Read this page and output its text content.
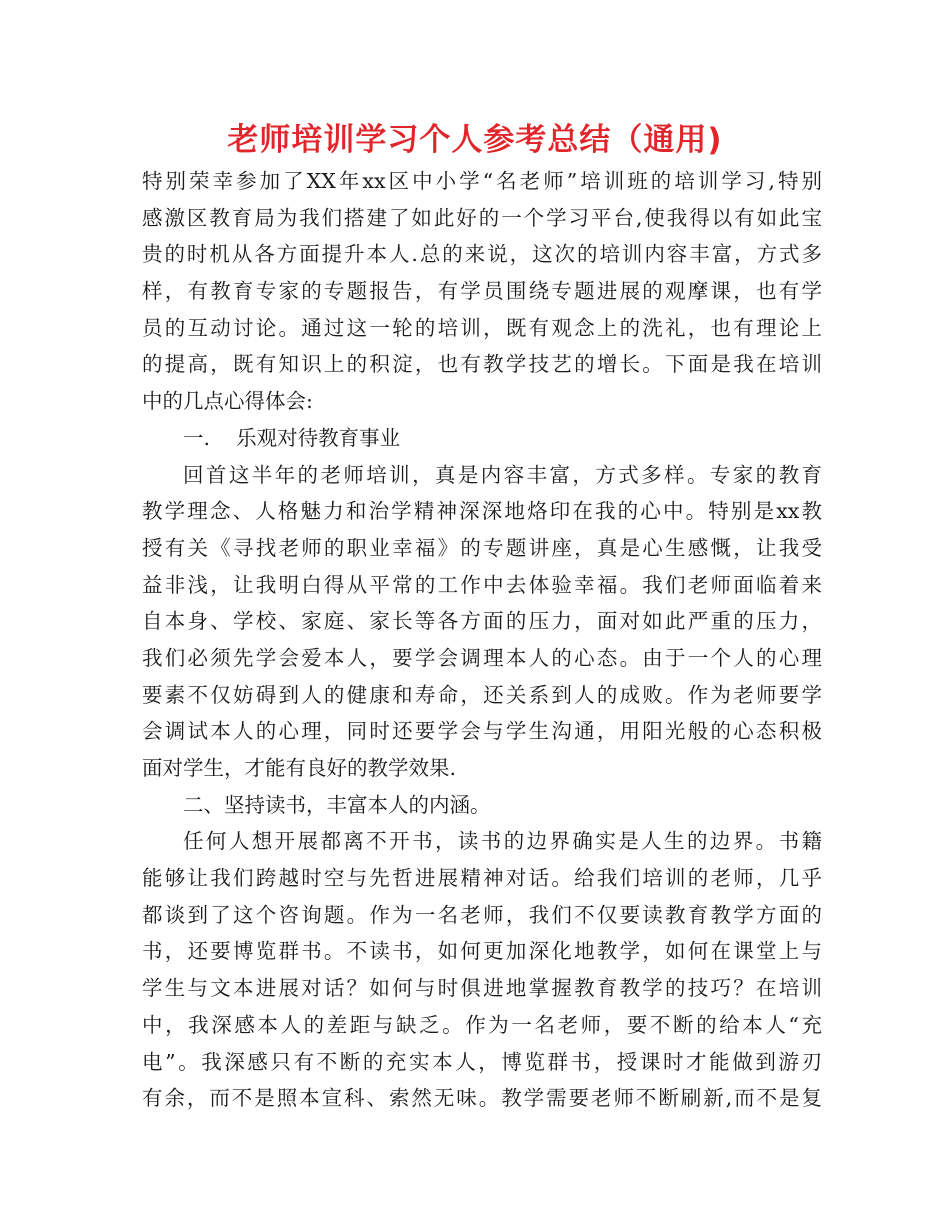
老师培训学习个人参考总结（通用)
特别荣幸参加了XX年xx区中小学“名老师”培训班的培训学习,特别
感激区教育局为我们搭建了如此好的一个学习平台,使我得以有如此宝
贵的时机从各方面提升本人.总的来说，这次的培训内容丰富，方式多
样，有教育专家的专题报告，有学员围绕专题进展的观摩课，也有学
员的互动讨论。通过这一轮的培训，既有观念上的洗礼，也有理论上
的提高，既有知识上的积淀，也有教学技艺的增长。下面是我在培训
中的几点心得体会:
一.    乐观对待教育事业
回首这半年的老师培训，真是内容丰富，方式多样。专家的教育
教学理念、人格魅力和治学精神深深地烙印在我的心中。特别是xx教
授有关《寻找老师的职业幸福》的专题讲座，真是心生感慨，让我受
益非浅，让我明白得从平常的工作中去体验幸福。我们老师面临着来
自本身、学校、家庭、家长等各方面的压力，面对如此严重的压力，
我们必须先学会爱本人，要学会调理本人的心态。由于一个人的心理
要素不仅妨碍到人的健康和寿命，还关系到人的成败。作为老师要学
会调试本人的心理，同时还要学会与学生沟通，用阳光般的心态积极
面对学生，才能有良好的教学效果.
二、坚持读书，丰富本人的内涵。
任何人想开展都离不开书，读书的边界确实是人生的边界。书籍
能够让我们跨越时空与先哲进展精神对话。给我们培训的老师，几乎
都谈到了这个咨询题。作为一名老师，我们不仅要读教育教学方面的
书，还要博览群书。不读书，如何更加深化地教学，如何在课堂上与
学生与文本进展对话？如何与时俱进地掌握教育教学的技巧？在培训
中，我深感本人的差距与缺乏。作为一名老师，要不断的给本人“充
电”。我深感只有不断的充实本人，博览群书，授课时才能做到游刃
有余，而不是照本宣科、索然无味。教学需要老师不断刷新,而不是复
